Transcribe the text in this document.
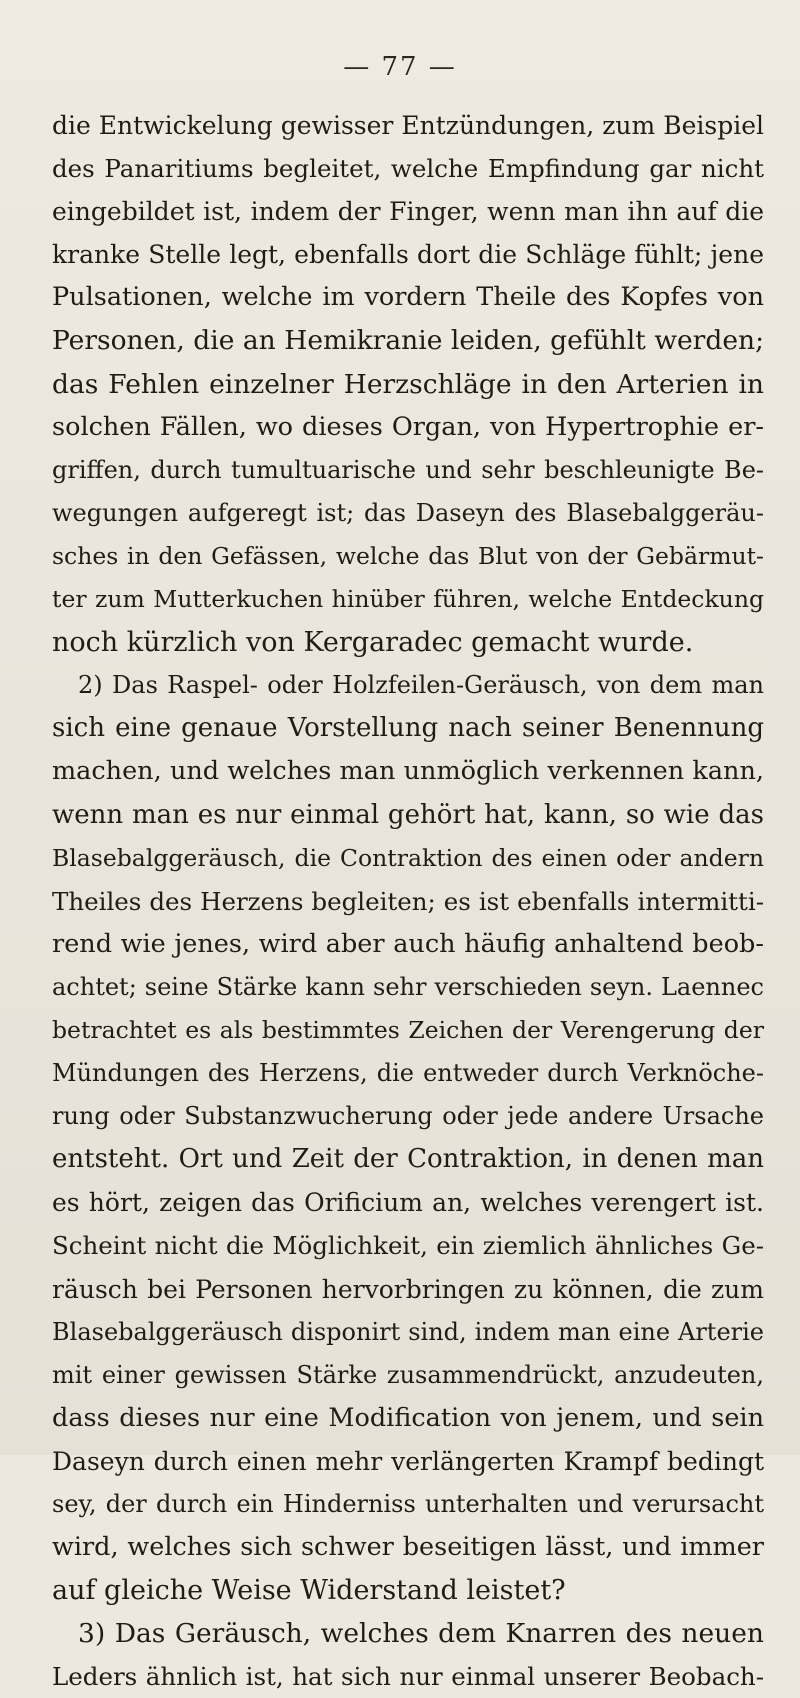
— 77 —
die Entwickelung gewisser Entzündungen, zum Beispiel
des Panaritiums begleitet, welche Empfindung gar nicht
eingebildet ist, indem der Finger, wenn man ihn auf die
kranke Stelle legt, ebenfalls dort die Schläge fühlt; jene
Pulsationen, welche im vordern Theile des Kopfes von
Personen, die an Hemikranie leiden, gefühlt werden;
das Fehlen einzelner Herzschläge in den Arterien in
solchen Fällen, wo dieses Organ, von Hypertrophie er-
griffen, durch tumultuarische und sehr beschleunigte Be-
wegungen aufgeregt ist; das Daseyn des Blasebalggeräu-
sches in den Gefässen, welche das Blut von der Gebärmut-
ter zum Mutterkuchen hinüber führen, welche Entdeckung
noch kürzlich von Kergaradec gemacht wurde.
2) Das Raspel- oder Holzfeilen-Geräusch, von dem man
sich eine genaue Vorstellung nach seiner Benennung
machen, und welches man unmöglich verkennen kann,
wenn man es nur einmal gehört hat, kann, so wie das
Blasebalggeräusch, die Contraktion des einen oder andern
Theiles des Herzens begleiten; es ist ebenfalls intermitti-
rend wie jenes, wird aber auch häufig anhaltend beob-
achtet; seine Stärke kann sehr verschieden seyn. Laennec
betrachtet es als bestimmtes Zeichen der Verengerung der
Mündungen des Herzens, die entweder durch Verknöche-
rung oder Substanzwucherung oder jede andere Ursache
entsteht. Ort und Zeit der Contraktion, in denen man
es hört, zeigen das Orificium an, welches verengert ist.
Scheint nicht die Möglichkeit, ein ziemlich ähnliches Ge-
räusch bei Personen hervorbringen zu können, die zum
Blasebalggeräusch disponirt sind, indem man eine Arterie
mit einer gewissen Stärke zusammendrückt, anzudeuten,
dass dieses nur eine Modification von jenem, und sein
Daseyn durch einen mehr verlängerten Krampf bedingt
sey, der durch ein Hinderniss unterhalten und verursacht
wird, welches sich schwer beseitigen lässt, und immer
auf gleiche Weise Widerstand leistet?
3) Das Geräusch, welches dem Knarren des neuen
Leders ähnlich ist, hat sich nur einmal unserer Beobach-
